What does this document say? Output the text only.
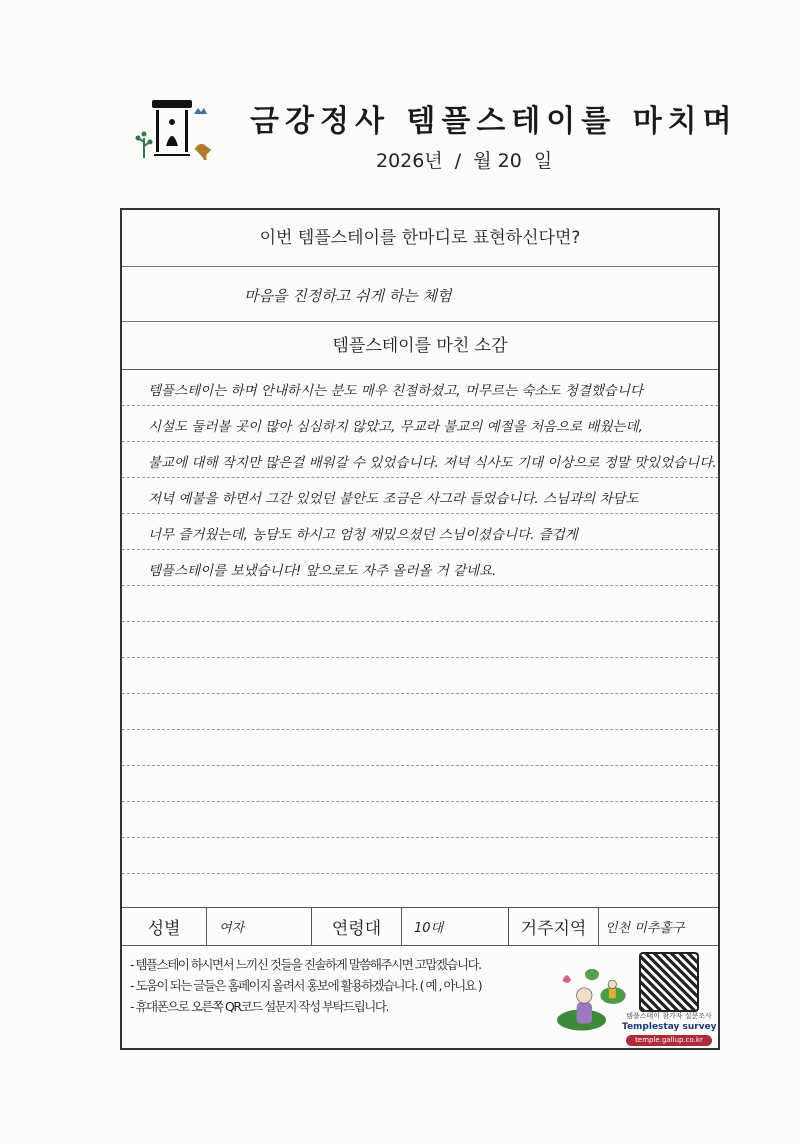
금강정사 템플스테이를 마치며
2026년  /  월 20  일
이번 템플스테이를 한마디로 표현하신다면?
마음을 진정하고 쉬게 하는 체험
템플스테이를 마친 소감
템플스테이는 하며 안내하시는 분도 매우 친절하셨고, 머무르는 숙소도 청결했습니다
시설도 둘러볼 곳이 많아 심심하지 않았고, 무교라 불교의 예절을 처음으로 배웠는데,
불교에 대해 작지만 많은걸 배워갈 수 있었습니다. 저녁 식사도 기대 이상으로 정말 맛있었습니다.
저녁 예불을 하면서 그간 있었던 불안도 조금은 사그라 들었습니다. 스님과의 차담도
너무 즐거웠는데, 농담도 하시고 엄청 재밌으셨던 스님이셨습니다. 즐겁게
템플스테이를 보냈습니다! 앞으로도 자주 올러올 거 같네요.
성별	여자	연령대	10대	거주지역	인천 미추홀구
- 템플스테이 하시면서 느끼신 것들을 진솔하게 말씀해주시면 고맙겠습니다.
- 도움이 되는 글들은 홈페이지 올려서 홍보에 활용하겠습니다. ( 예 , 아니요 )
- 휴대폰으로 오른쪽 QR코드 설문지 작성 부탁드립니다.
템플스테이 참가자 설문조사
Templestay survey
temple.gallup.co.kr
